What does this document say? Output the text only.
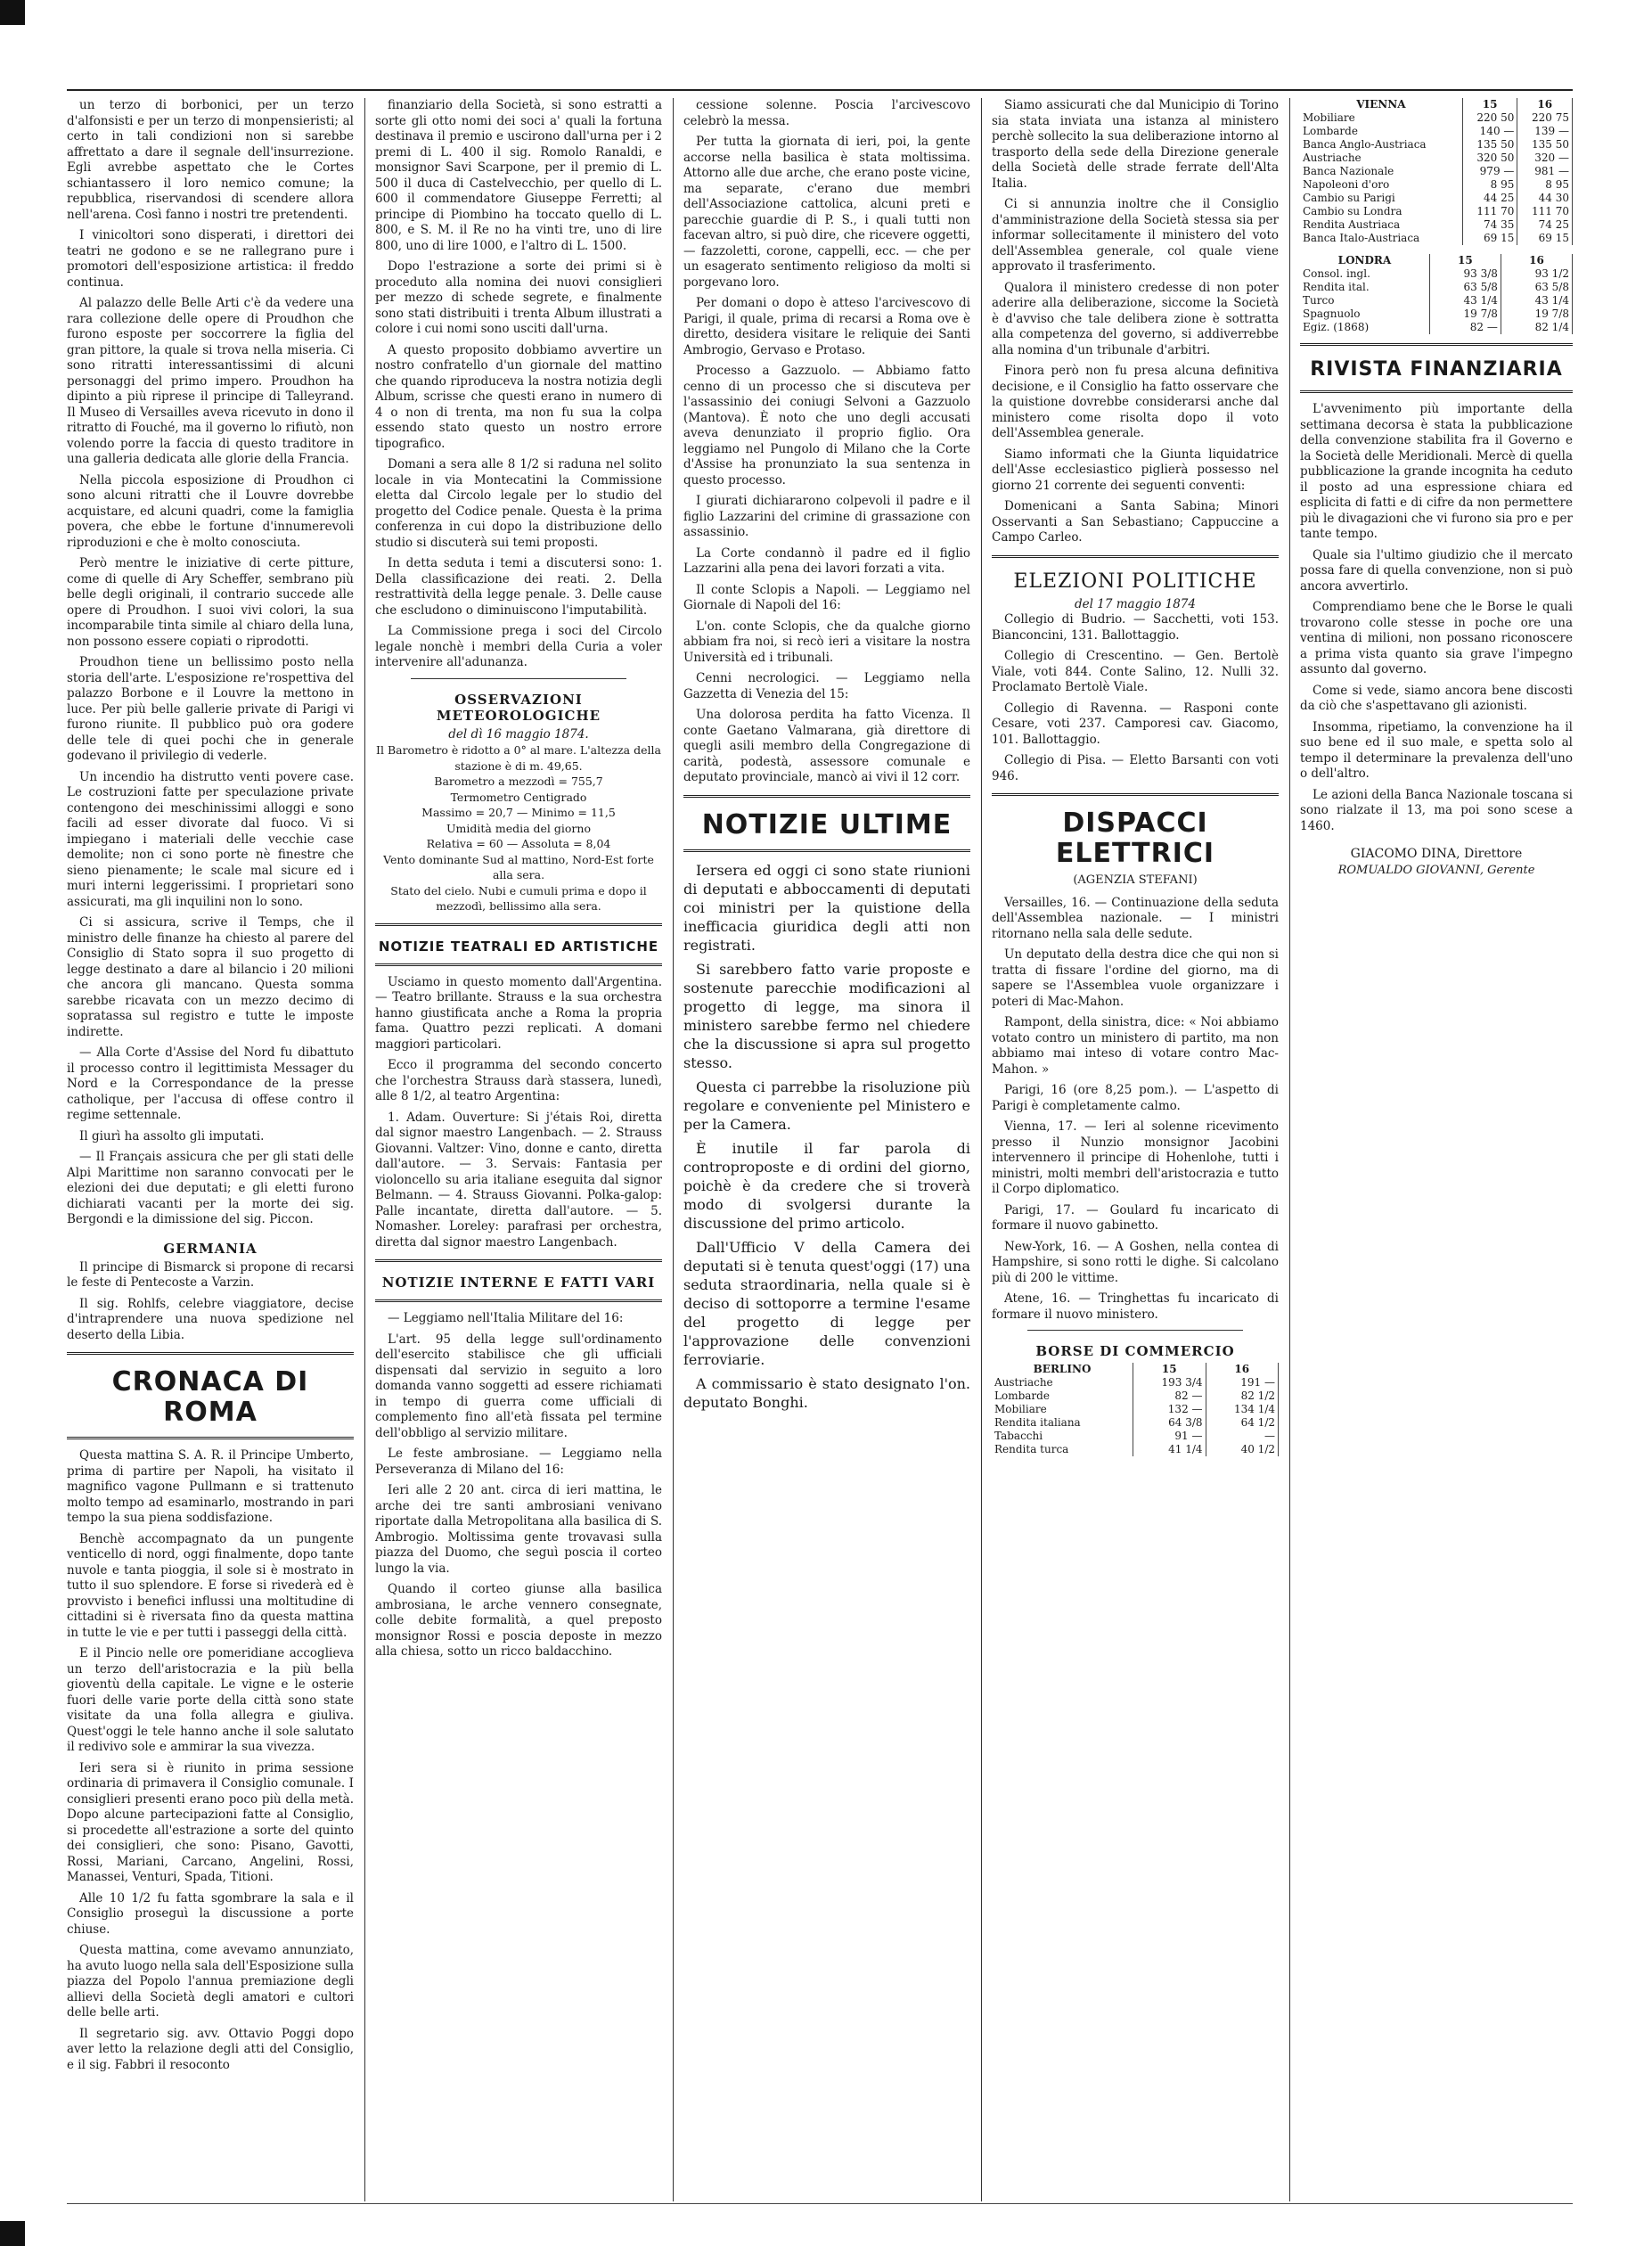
un terzo di borbonici, per un terzo d'alfonsisti e per un terzo di monpensieristi; al certo in tali condizioni non si sarebbe affrettato a dare il segnale dell'insurrezione. Egli avrebbe aspettato che le Cortes schiantassero il loro nemico comune; la repubblica, riservandosi di scendere allora nell'arena. Così fanno i nostri tre pretendenti.

I vinicoltori sono disperati, i direttori dei teatri ne godono e se ne rallegrano pure i promotori dell'esposizione artistica: il freddo continua.

Al palazzo delle Belle Arti c'è da vedere una rara collezione delle opere di Proudhon che furono esposte per soccorrere la figlia del gran pittore, la quale si trova nella miseria. Ci sono ritratti interessantissimi di alcuni personaggi del primo impero. Proudhon ha dipinto a più riprese il principe di Talleyrand. Il Museo di Versailles aveva ricevuto in dono il ritratto di Fouché, ma il governo lo rifiutò, non volendo porre la faccia di questo traditore in una galleria dedicata alle glorie della Francia.

Nella piccola esposizione di Proudhon ci sono alcuni ritratti che il Louvre dovrebbe acquistare, ed alcuni quadri, come la famiglia povera, che ebbe le fortune d'innumerevoli riproduzioni e che è molto conosciuta.

Però mentre le iniziative di certe pitture, come di quelle di Ary Scheffer, sembrano più belle degli originali, il contrario succede alle opere di Proudhon. I suoi vivi colori, la sua incomparabile tinta simile al chiaro della luna, non possono essere copiati o riprodotti.

Proudhon tiene un bellissimo posto nella storia dell'arte. L'esposizione re'rospettiva del palazzo Borbone e il Louvre la mettono in luce. Per più belle gallerie private di Parigi vi furono riunite. Il pubblico può ora godere delle tele di quei pochi che in generale godevano il privilegio di vederle.

Un incendio ha distrutto venti povere case. Le costruzioni fatte per speculazione private contengono dei meschinissimi alloggi e sono facili ad esser divorate dal fuoco. Vi si impiegano i materiali delle vecchie case demolite; non ci sono porte nè finestre che sieno pienamente; le scale mal sicure ed i muri interni leggerissimi. I proprietari sono assicurati, ma gli inquilini non lo sono.

Ci si assicura, scrive il Temps, che il ministro delle finanze ha chiesto al parere del Consiglio di Stato sopra il suo progetto di legge destinato a dare al bilancio i 20 milioni che ancora gli mancano. Questa somma sarebbe ricavata con un mezzo decimo di sopratassa sul registro e tutte le imposte indirette.

— Alla Corte d'Assise del Nord fu dibattuto il processo contro il legittimista Messager du Nord e la Correspondance de la presse catholique, per l'accusa di offese contro il regime settennale.

Il giurì ha assolto gli imputati.

— Il Français assicura che per gli stati delle Alpi Marittime non saranno convocati per le elezioni dei due deputati; e gli eletti furono dichiarati vacanti per la morte dei sig. Bergondi e la dimissione del sig. Piccon.

GERMANIA

Il principe di Bismarck si propone di recarsi le feste di Pentecoste a Varzin.

Il sig. Rohlfs, celebre viaggiatore, decise d'intraprendere una nuova spedizione nel deserto della Libia.

CRONACA DI ROMA

Questa mattina S. A. R. il Principe Umberto, prima di partire per Napoli, ha visitato il magnifico vagone Pullmann e si trattenuto molto tempo ad esaminarlo, mostrando in pari tempo la sua piena soddisfazione.

Benchè accompagnato da un pungente venticello di nord, oggi finalmente, dopo tante nuvole e tanta pioggia, il sole si è mostrato in tutto il suo splendore. E forse si rivederà ed è provvisto i benefici influssi una moltitudine di cittadini si è riversata fino da questa mattina in tutte le vie e per tutti i passeggi della città.

E il Pincio nelle ore pomeridiane accoglieva un terzo dell'aristocrazia e la più bella gioventù della capitale. Le vigne e le osterie fuori delle varie porte della città sono state visitate da una folla allegra e giuliva. Quest'oggi le tele hanno anche il sole salutato il redivivo sole e ammirar la sua vivezza.

Ieri sera si è riunito in prima sessione ordinaria di primavera il Consiglio comunale. I consiglieri presenti erano poco più della metà. Dopo alcune partecipazioni fatte al Consiglio, si procedette all'estrazione a sorte del quinto dei consiglieri, che sono: Pisano, Gavotti, Rossi, Mariani, Carcano, Angelini, Rossi, Manassei, Venturi, Spada, Titioni.

Alle 10 1/2 fu fatta sgombrare la sala e il Consiglio proseguì la discussione a porte chiuse.

Questa mattina, come avevamo annunziato, ha avuto luogo nella sala dell'Esposizione sulla piazza del Popolo l'annua premiazione degli allievi della Società degli amatori e cultori delle belle arti.

Il segretario sig. avv. Ottavio Poggi dopo aver letto la relazione degli atti del Consiglio, e il sig. Fabbri il resoconto

finanziario della Società, si sono estratti a sorte gli otto nomi dei soci a' quali la fortuna destinava il premio e uscirono dall'urna per i 2 premi di L. 400 il sig. Romolo Ranaldi, e monsignor Savi Scarpone, per il premio di L. 500 il duca di Castelvecchio, per quello di L. 600 il commendatore Giuseppe Ferretti; al principe di Piombino ha toccato quello di L. 800, e S. M. il Re no ha vinti tre, uno di lire 800, uno di lire 1000, e l'altro di L. 1500.

Dopo l'estrazione a sorte dei primi si è proceduto alla nomina dei nuovi consiglieri per mezzo di schede segrete, e finalmente sono stati distribuiti i trenta Album illustrati a colore i cui nomi sono usciti dall'urna.

A questo proposito dobbiamo avvertire un nostro confratello d'un giornale del mattino che quando riproduceva la nostra notizia degli Album, scrisse che questi erano in numero di 4 o non di trenta, ma non fu sua la colpa essendo stato questo un nostro errore tipografico.

Domani a sera alle 8 1/2 si raduna nel solito locale in via Montecatini la Commissione eletta dal Circolo legale per lo studio del progetto del Codice penale. Questa è la prima conferenza in cui dopo la distribuzione dello studio si discuterà sui temi proposti.

In detta seduta i temi a discutersi sono: 1. Della classificazione dei reati. 2. Della restrattività della legge penale. 3. Delle cause che escludono o diminuiscono l'imputabilità.

La Commissione prega i soci del Circolo legale nonchè i membri della Curia a voler intervenire all'adunanza.

OSSERVAZIONI METEOROLOGICHE
del dì 16 maggio 1874.

Il Barometro è ridotto a 0° al mare. L'altezza della stazione è di m. 49,65.

Barometro a mezzodì = 755,7

Termometro Centigrado

Massimo = 20,7 — Minimo = 11,5

Umidità media del giorno

Relativa = 60 — Assoluta = 8,04

Vento dominante Sud al mattino, Nord-Est forte alla sera.

Stato del cielo. Nubi e cumuli prima e dopo il mezzodì, bellissimo alla sera.

NOTIZIE TEATRALI ED ARTISTICHE

Usciamo in questo momento dall'Argentina. — Teatro brillante. Strauss e la sua orchestra hanno giustificata anche a Roma la propria fama. Quattro pezzi replicati. A domani maggiori particolari.

Ecco il programma del secondo concerto che l'orchestra Strauss darà stassera, lunedì, alle 8 1/2, al teatro Argentina:

1. Adam. Ouverture: Si j'étais Roi, diretta dal signor maestro Langenbach. — 2. Strauss Giovanni. Valtzer: Vino, donne e canto, diretta dall'autore. — 3. Servais: Fantasia per violoncello su aria italiane eseguita dal signor Belmann. — 4. Strauss Giovanni. Polka-galop: Palle incantate, diretta dall'autore. — 5. Nomasher. Loreley: parafrasi per orchestra, diretta dal signor maestro Langenbach.

NOTIZIE INTERNE E FATTI VARI

— Leggiamo nell'Italia Militare del 16:

L'art. 95 della legge sull'ordinamento dell'esercito stabilisce che gli ufficiali dispensati dal servizio in seguito a loro domanda vanno soggetti ad essere richiamati in tempo di guerra come ufficiali di complemento fino all'età fissata pel termine dell'obbligo al servizio militare.

Le feste ambrosiane. — Leggiamo nella Perseveranza di Milano del 16:

Ieri alle 2 20 ant. circa di ieri mattina, le arche dei tre santi ambrosiani venivano riportate dalla Metropolitana alla basilica di S. Ambrogio. Moltissima gente trovavasi sulla piazza del Duomo, che seguì poscia il corteo lungo la via.

Quando il corteo giunse alla basilica ambrosiana, le arche vennero consegnate, colle debite formalità, a quel preposto monsignor Rossi e poscia deposte in mezzo alla chiesa, sotto un ricco baldacchino.

cessione solenne. Poscia l'arcivescovo celebrò la messa.

Per tutta la giornata di ieri, poi, la gente accorse nella basilica è stata moltissima. Attorno alle due arche, che erano poste vicine, ma separate, c'erano due membri dell'Associazione cattolica, alcuni preti e parecchie guardie di P. S., i quali tutti non facevan altro, si può dire, che ricevere oggetti, — fazzoletti, corone, cappelli, ecc. — che per un esagerato sentimento religioso da molti si porgevano loro.

Per domani o dopo è atteso l'arcivescovo di Parigi, il quale, prima di recarsi a Roma ove è diretto, desidera visitare le reliquie dei Santi Ambrogio, Gervaso e Protaso.

Processo a Gazzuolo. — Abbiamo fatto cenno di un processo che si discuteva per l'assassinio dei coniugi Selvoni a Gazzuolo (Mantova). È noto che uno degli accusati aveva denunziato il proprio figlio. Ora leggiamo nel Pungolo di Milano che la Corte d'Assise ha pronunziato la sua sentenza in questo processo.

I giurati dichiararono colpevoli il padre e il figlio Lazzarini del crimine di grassazione con assassinio.

La Corte condannò il padre ed il figlio Lazzarini alla pena dei lavori forzati a vita.

Il conte Sclopis a Napoli. — Leggiamo nel Giornale di Napoli del 16:

L'on. conte Sclopis, che da qualche giorno abbiam fra noi, si recò ieri a visitare la nostra Università ed i tribunali.

Cenni necrologici. — Leggiamo nella Gazzetta di Venezia del 15:

Una dolorosa perdita ha fatto Vicenza. Il conte Gaetano Valmarana, già direttore di quegli asili membro della Congregazione di carità, podestà, assessore comunale e deputato provinciale, mancò ai vivi il 12 corr.

NOTIZIE ULTIME

Iersera ed oggi ci sono state riunioni di deputati e abboccamenti di deputati coi ministri per la quistione della inefficacia giuridica degli atti non registrati.

Si sarebbero fatto varie proposte e sostenute parecchie modificazioni al progetto di legge, ma sinora il ministero sarebbe fermo nel chiedere che la discussione si apra sul progetto stesso.

Questa ci parrebbe la risoluzione più regolare e conveniente pel Ministero e per la Camera.

È inutile il far parola di controproposte e di ordini del giorno, poichè è da credere che si troverà modo di svolgersi durante la discussione del primo articolo.

Dall'Ufficio V della Camera dei deputati si è tenuta quest'oggi (17) una seduta straordinaria, nella quale si è deciso di sottoporre a termine l'esame del progetto di legge per l'approvazione delle convenzioni ferroviarie.

A commissario è stato designato l'on. deputato Bonghi.

Siamo assicurati che dal Municipio di Torino sia stata inviata una istanza al ministero perchè sollecito la sua deliberazione intorno al trasporto della sede della Direzione generale della Società delle strade ferrate dell'Alta Italia.

Ci si annunzia inoltre che il Consiglio d'amministrazione della Società stessa sia per informar sollecitamente il ministero del voto dell'Assemblea generale, col quale viene approvato il trasferimento.

Qualora il ministero credesse di non poter aderire alla deliberazione, siccome la Società è d'avviso che tale delibera zione è sottratta alla competenza del governo, si addiverrebbe alla nomina d'un tribunale d'arbitri.

Finora però non fu presa alcuna definitiva decisione, e il Consiglio ha fatto osservare che la quistione dovrebbe considerarsi anche dal ministero come risolta dopo il voto dell'Assemblea generale.

Siamo informati che la Giunta liquidatrice dell'Asse ecclesiastico piglierà possesso nel giorno 21 corrente dei seguenti conventi:

Domenicani a Santa Sabina; Minori Osservanti a San Sebastiano; Cappuccine a Campo Carleo.

ELEZIONI POLITICHE
del 17 maggio 1874

Collegio di Budrio. — Sacchetti, voti 153. Bianconcini, 131. Ballottaggio.

Collegio di Crescentino. — Gen. Bertolè Viale, voti 844. Conte Salino, 12. Nulli 32. Proclamato Bertolè Viale.

Collegio di Ravenna. — Rasponi conte Cesare, voti 237. Camporesi cav. Giacomo, 101. Ballottaggio.

Collegio di Pisa. — Eletto Barsanti con voti 946.

DISPACCI ELETTRICI
(AGENZIA STEFANI)

Versailles, 16. — Continuazione della seduta dell'Assemblea nazionale. — I ministri ritornano nella sala delle sedute.

Un deputato della destra dice che qui non si tratta di fissare l'ordine del giorno, ma di sapere se l'Assemblea vuole organizzare i poteri di Mac-Mahon.

Rampont, della sinistra, dice: « Noi abbiamo votato contro un ministero di partito, ma non abbiamo mai inteso di votare contro Mac-Mahon. »

Parigi, 16 (ore 8,25 pom.). — L'aspetto di Parigi è completamente calmo.

Vienna, 17. — Ieri al solenne ricevimento presso il Nunzio monsignor Jacobini intervennero il principe di Hohenlohe, tutti i ministri, molti membri dell'aristocrazia e tutto il Corpo diplomatico.

Parigi, 17. — Goulard fu incaricato di formare il nuovo gabinetto.

New-York, 16. — A Goshen, nella contea di Hampshire, si sono rotti le dighe. Si calcolano più di 200 le vittime.

Atene, 16. — Tringhettas fu incaricato di formare il nuovo ministero.

BORSE DI COMMERCIO
BERLINO	15	16
Austriache	193 3/4	191 —
Lombarde	82 —	82 1/2
Mobiliare	132 —	134 1/4
Rendita italiana	64 3/8	64 1/2
Tabacchi	91 —	—
Rendita turca	41 1/4	40 1/2
VIENNA	15	16
Mobiliare	220 50	220 75
Lombarde	140 —	139 —
Banca Anglo-Austriaca	135 50	135 50
Austriache	320 50	320 —
Banca Nazionale	979 —	981 —
Napoleoni d'oro	8 95	8 95
Cambio su Parigi	44 25	44 30
Cambio su Londra	111 70	111 70
Rendita Austriaca	74 35	74 25
Banca Italo-Austriaca	69 15	69 15
LONDRA	15	16
Consol. ingl.	93 3/8	93 1/2
Rendita ital.	63 5/8	63 5/8
Turco	43 1/4	43 1/4
Spagnuolo	19 7/8	19 7/8
Egiz. (1868)	82 —	82 1/4
RIVISTA FINANZIARIA

L'avvenimento più importante della settimana decorsa è stata la pubblicazione della convenzione stabilita fra il Governo e la Società delle Meridionali. Mercè di quella pubblicazione la grande incognita ha ceduto il posto ad una espressione chiara ed esplicita di fatti e di cifre da non permettere più le divagazioni che vi furono sia pro e per tante tempo.

Quale sia l'ultimo giudizio che il mercato possa fare di quella convenzione, non si può ancora avvertirlo.

Comprendiamo bene che le Borse le quali trovarono colle stesse in poche ore una ventina di milioni, non possano riconoscere a prima vista quanto sia grave l'impegno assunto dal governo.

Come si vede, siamo ancora bene discosti da ciò che s'aspettavano gli azionisti.

Insomma, ripetiamo, la convenzione ha il suo bene ed il suo male, e spetta solo al tempo il determinare la prevalenza dell'uno o dell'altro.

Le azioni della Banca Nazionale toscana si sono rialzate il 13, ma poi sono scese a 1460.

GIACOMO DINA, Direttore
ROMUALDO GIOVANNI, Gerente
